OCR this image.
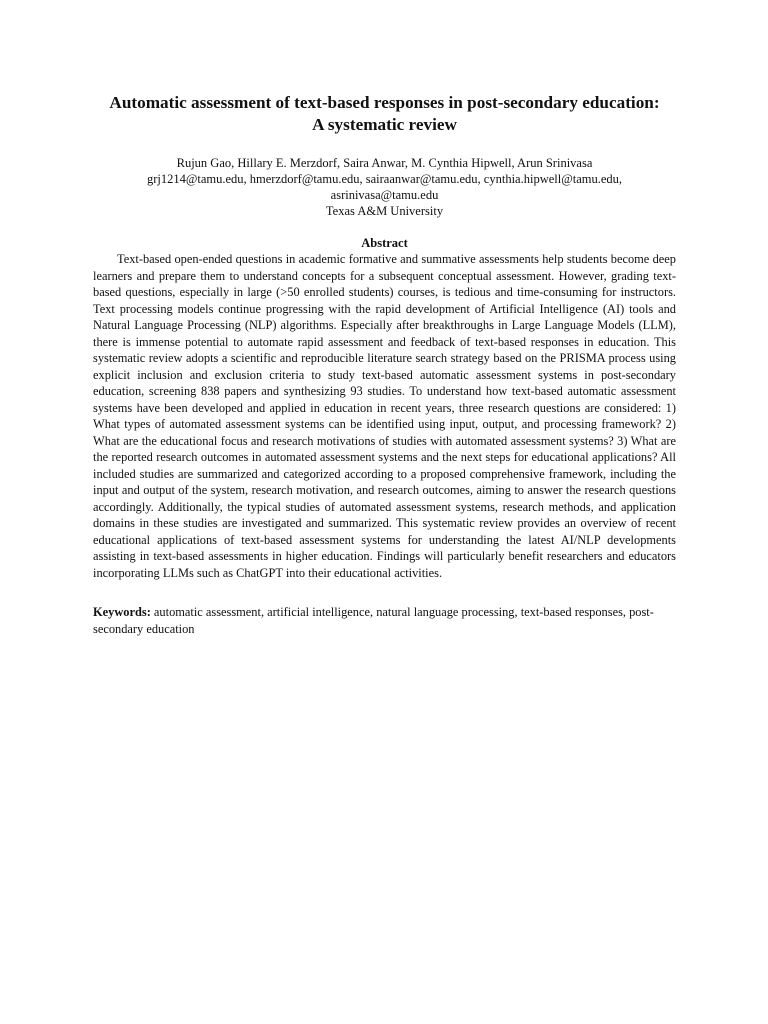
Automatic assessment of text-based responses in post-secondary education:
A systematic review
Rujun Gao, Hillary E. Merzdorf, Saira Anwar, M. Cynthia Hipwell, Arun Srinivasa
grj1214@tamu.edu, hmerzdorf@tamu.edu, sairaanwar@tamu.edu, cynthia.hipwell@tamu.edu,
asrinivasa@tamu.edu
Texas A&M University
Abstract

Text-based open-ended questions in academic formative and summative assessments help students become deep learners and prepare them to understand concepts for a subsequent conceptual assessment. However, grading text-based questions, especially in large (>50 enrolled students) courses, is tedious and time-consuming for instructors. Text processing models continue progressing with the rapid development of Artificial Intelligence (AI) tools and Natural Language Processing (NLP) algorithms. Especially after breakthroughs in Large Language Models (LLM), there is immense potential to automate rapid assessment and feedback of text-based responses in education. This systematic review adopts a scientific and reproducible literature search strategy based on the PRISMA process using explicit inclusion and exclusion criteria to study text-based automatic assessment systems in post-secondary education, screening 838 papers and synthesizing 93 studies. To understand how text-based automatic assessment systems have been developed and applied in education in recent years, three research questions are considered: 1) What types of automated assessment systems can be identified using input, output, and processing framework? 2) What are the educational focus and research motivations of studies with automated assessment systems? 3) What are the reported research outcomes in automated assessment systems and the next steps for educational applications? All included studies are summarized and categorized according to a proposed comprehensive framework, including the input and output of the system, research motivation, and research outcomes, aiming to answer the research questions accordingly. Additionally, the typical studies of automated assessment systems, research methods, and application domains in these studies are investigated and summarized. This systematic review provides an overview of recent educational applications of text-based assessment systems for understanding the latest AI/NLP developments assisting in text-based assessments in higher education. Findings will particularly benefit researchers and educators incorporating LLMs such as ChatGPT into their educational activities.

Keywords: automatic assessment, artificial intelligence, natural language processing, text-based responses, post-secondary education
